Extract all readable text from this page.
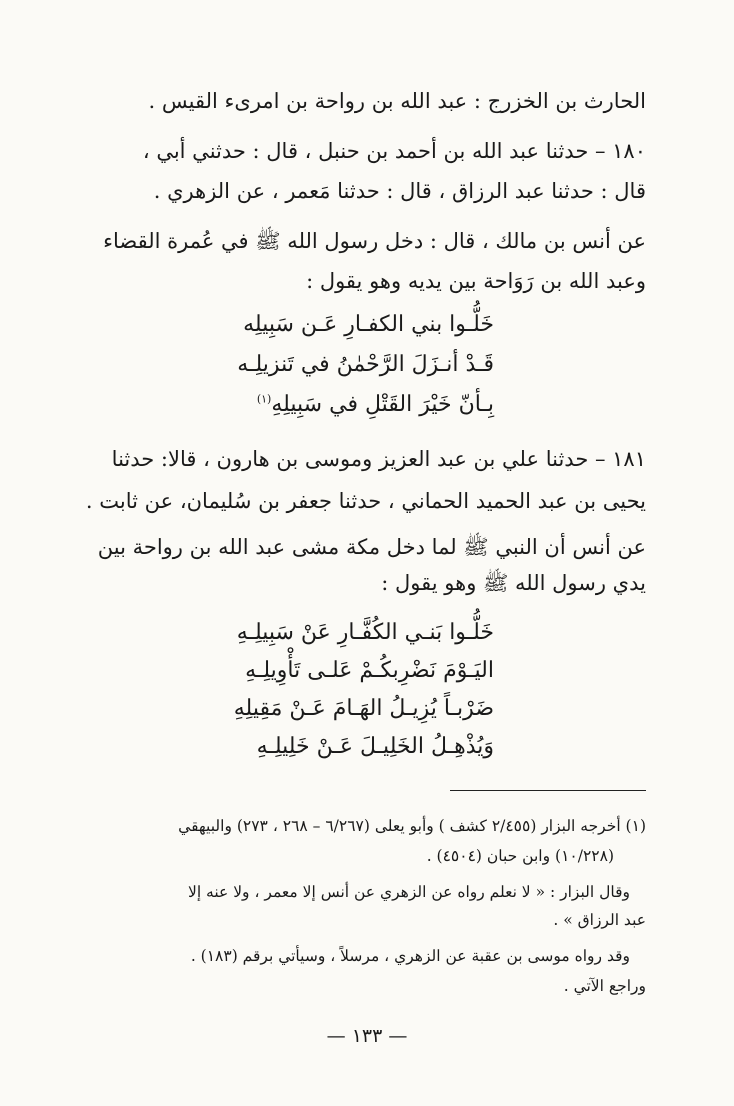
الحارث بن الخزرج : عبد الله بن رواحة بن امرىء القيس .
١٨٠ – حدثنا عبد الله بن أحمد بن حنبل ، قال : حدثني أبي ،
قال : حدثنا عبد الرزاق ، قال : حدثنا مَعمر ، عن الزهري .
عن أنس بن مالك ، قال : دخل رسول الله ﷺ في عُمرة القضاء
وعبد الله بن رَوَاحة بين يديه وهو يقول :
خَلُّـوا بني الكفـارِ عَـن سَبِيلِه
قَـدْ أنـزَلَ الرَّحْمٰنُ في تَنزيلِـه
بِـأنّ خَيْرَ القَتْلِ في سَبِيلِهِ$^{(١)}$
١٨١ – حدثنا علي بن عبد العزيز وموسى بن هارون ، قالا: حدثنا
يحيى بن عبد الحميد الحماني ، حدثنا جعفر بن سُليمان، عن ثابت .
عن أنس أن النبي ﷺ لما دخل مكة مشى عبد الله بن رواحة بين
يدي رسول الله ﷺ وهو يقول :
خَلُّـوا بَنـي الكُفَّـارِ عَنْ سَبِيلِـهِ
اليَـوْمَ نَضْرِبكُـمْ عَلـى تَأْوِيلِـهِ
ضَرْبـاً يُزِيـلُ الهَـامَ عَـنْ مَقِيلِهِ
وَيُذْهِـلُ الخَلِيـلَ عَـنْ خَلِيلِـهِ
(١) أخرجه البزار (٢/٤٥٥ كشف ) وأبو يعلى (٦/٢٦٧ – ٢٦٨ ، ٢٧٣) والبيهقي
(١٠/٢٢٨) وابن حبان (٤٥٠٤) .
وقال البزار : « لا نعلم رواه عن الزهري عن أنس إلا معمر ، ولا عنه إلا
عبد الرزاق » .
وقد رواه موسى بن عقبة عن الزهري ، مرسلاً ، وسيأتي برقم (١٨٣) .
وراجع الآتي .
— ١٣٣ —
